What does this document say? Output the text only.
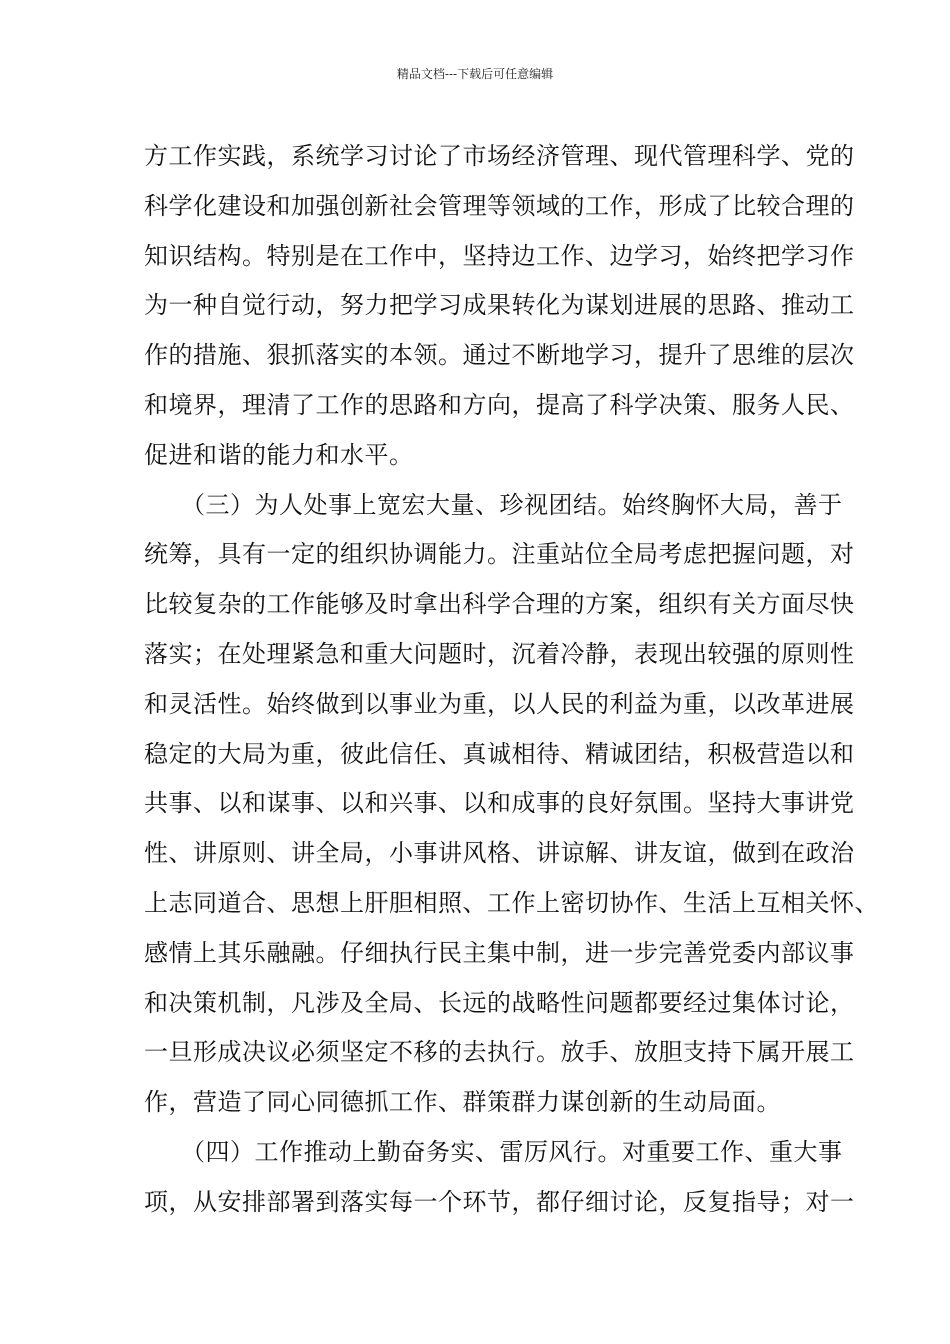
精品文档---下载后可任意编辑
方工作实践，系统学习讨论了市场经济管理、现代管理科学、党的
科学化建设和加强创新社会管理等领域的工作，形成了比较合理的
知识结构。特别是在工作中，坚持边工作、边学习，始终把学习作
为一种自觉行动，努力把学习成果转化为谋划进展的思路、推动工
作的措施、狠抓落实的本领。通过不断地学习，提升了思维的层次
和境界，理清了工作的思路和方向，提高了科学决策、服务人民、
促进和谐的能力和水平。
　　（三）为人处事上宽宏大量、珍视团结。始终胸怀大局，善于
统筹，具有一定的组织协调能力。注重站位全局考虑把握问题，对
比较复杂的工作能够及时拿出科学合理的方案，组织有关方面尽快
落实；在处理紧急和重大问题时，沉着冷静，表现出较强的原则性
和灵活性。始终做到以事业为重，以人民的利益为重，以改革进展
稳定的大局为重，彼此信任、真诚相待、精诚团结，积极营造以和
共事、以和谋事、以和兴事、以和成事的良好氛围。坚持大事讲党
性、讲原则、讲全局，小事讲风格、讲谅解、讲友谊，做到在政治
上志同道合、思想上肝胆相照、工作上密切协作、生活上互相关怀、
感情上其乐融融。仔细执行民主集中制，进一步完善党委内部议事
和决策机制，凡涉及全局、长远的战略性问题都要经过集体讨论，
一旦形成决议必须坚定不移的去执行。放手、放胆支持下属开展工
作，营造了同心同德抓工作、群策群力谋创新的生动局面。
　　（四）工作推动上勤奋务实、雷厉风行。对重要工作、重大事
项，从安排部署到落实每一个环节，都仔细讨论，反复指导；对一
